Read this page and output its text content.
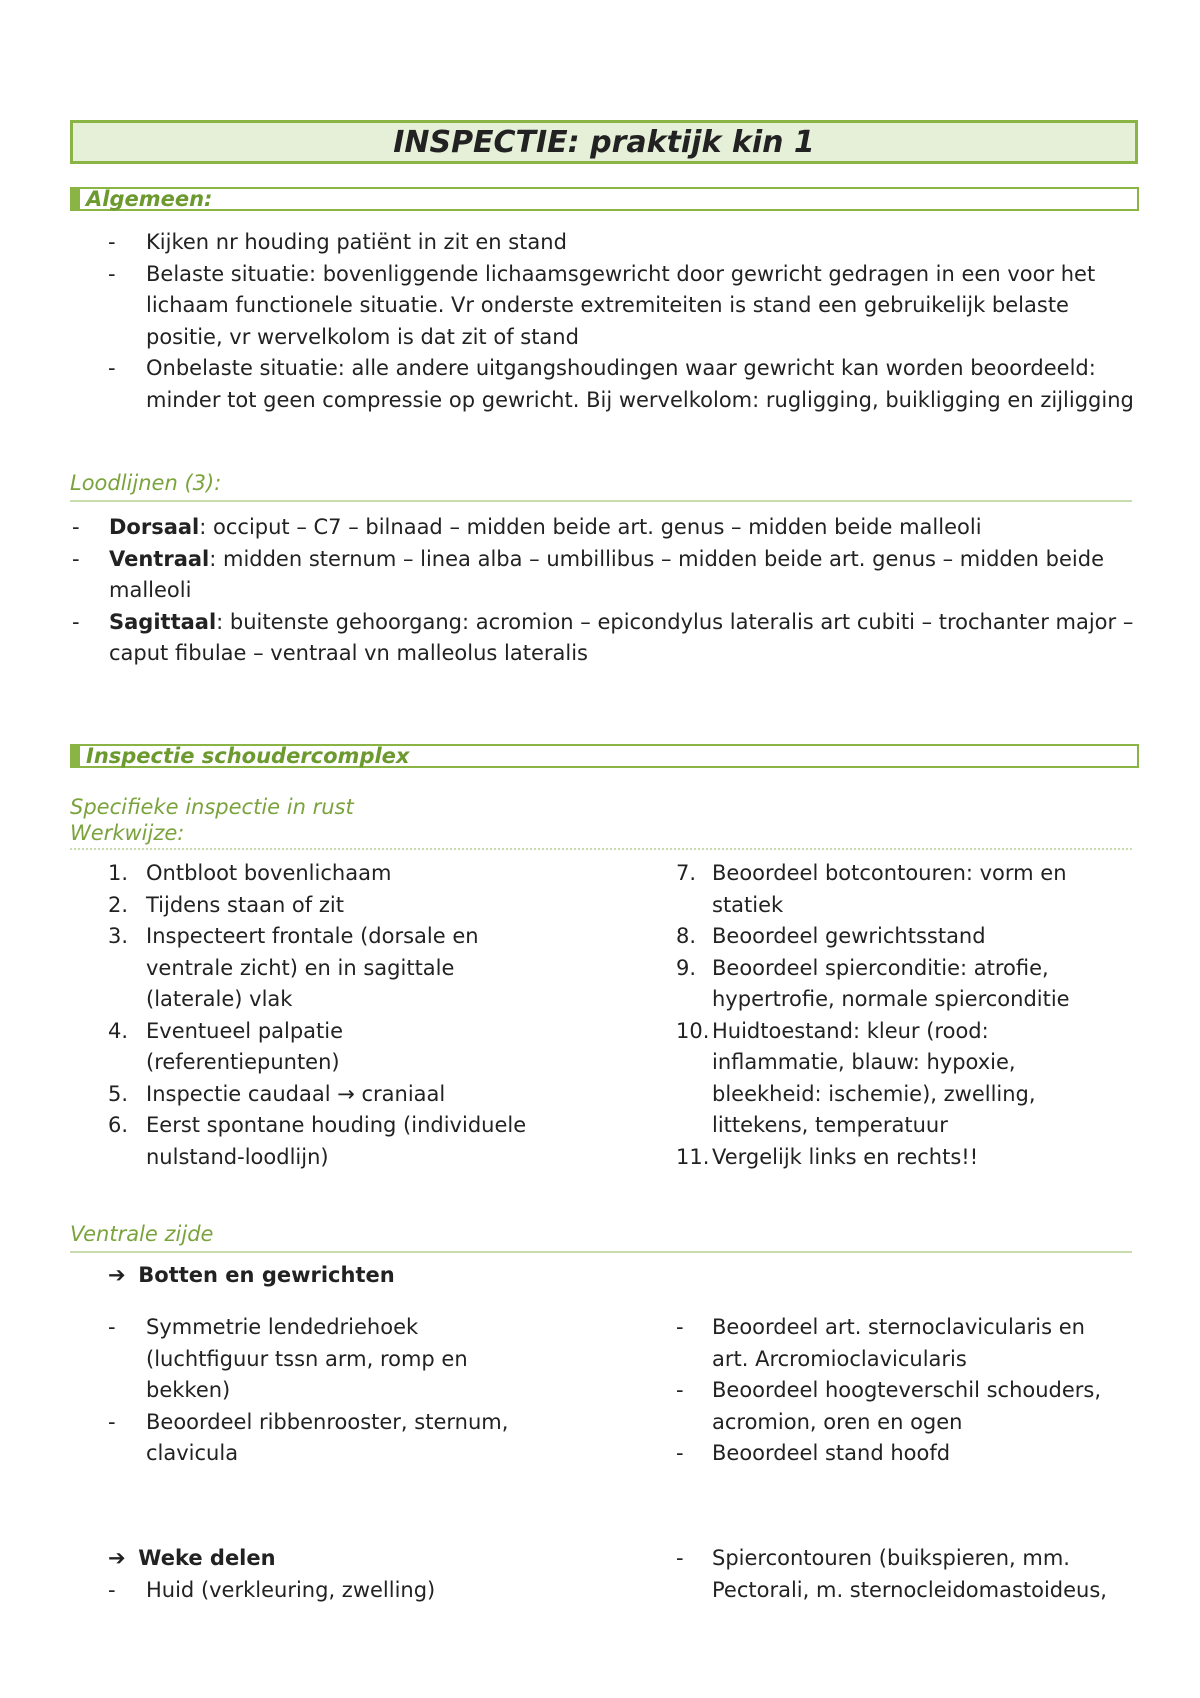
INSPECTIE: praktijk kin 1
Algemeen:
- Kijken nr houding patiënt in zit en stand
- Belaste situatie: bovenliggende lichaamsgewricht door gewricht gedragen in een voor het lichaam functionele situatie. Vr onderste extremiteiten is stand een gebruikelijk belaste positie, vr wervelkolom is dat zit of stand
- Onbelaste situatie: alle andere uitgangshoudingen waar gewricht kan worden beoordeeld: minder tot geen compressie op gewricht. Bij wervelkolom: rugligging, buikligging en zijligging
Loodlijnen (3):
- Dorsaal: occiput – C7 – bilnaad – midden beide art. genus – midden beide malleoli
- Ventraal: midden sternum – linea alba – umbillibus – midden beide art. genus – midden beide malleoli
- Sagittaal: buitenste gehoorgang: acromion – epicondylus lateralis art cubiti – trochanter major – caput fibulae – ventraal vn malleolus lateralis
Inspectie schoudercomplex
Specifieke inspectie in rust
Werkwijze:
1. Ontbloot bovenlichaam
2. Tijdens staan of zit
3. Inspecteert frontale (dorsale en ventrale zicht) en in sagittale (laterale) vlak
4. Eventueel palpatie (referentiepunten)
5. Inspectie caudaal → craniaal
6. Eerst spontane houding (individuele nulstand-loodlijn)
7. Beoordeel botcontouren: vorm en statiek
8. Beoordeel gewrichtsstand
9. Beoordeel spierconditie: atrofie, hypertrofie, normale spierconditie
10. Huidtoestand: kleur (rood: inflammatie, blauw: hypoxie, bleekheid: ischemie), zwelling, littekens, temperatuur
11. Vergelijk links en rechts!!
Ventrale zijde
➔ Botten en gewrichten
- Symmetrie lendedriehoek (luchtfiguur tssn arm, romp en bekken)
- Beoordeel ribbenrooster, sternum, clavicula
- Beoordeel art. sternoclavicularis en art. Arcromioclavicularis
- Beoordeel hoogteverschil schouders, acromion, oren en ogen
- Beoordeel stand hoofd
➔ Weke delen
- Huid (verkleuring, zwelling)
- Spiercontouren (buikspieren, mm. Pectorali, m. sternocleidomastoideus,
